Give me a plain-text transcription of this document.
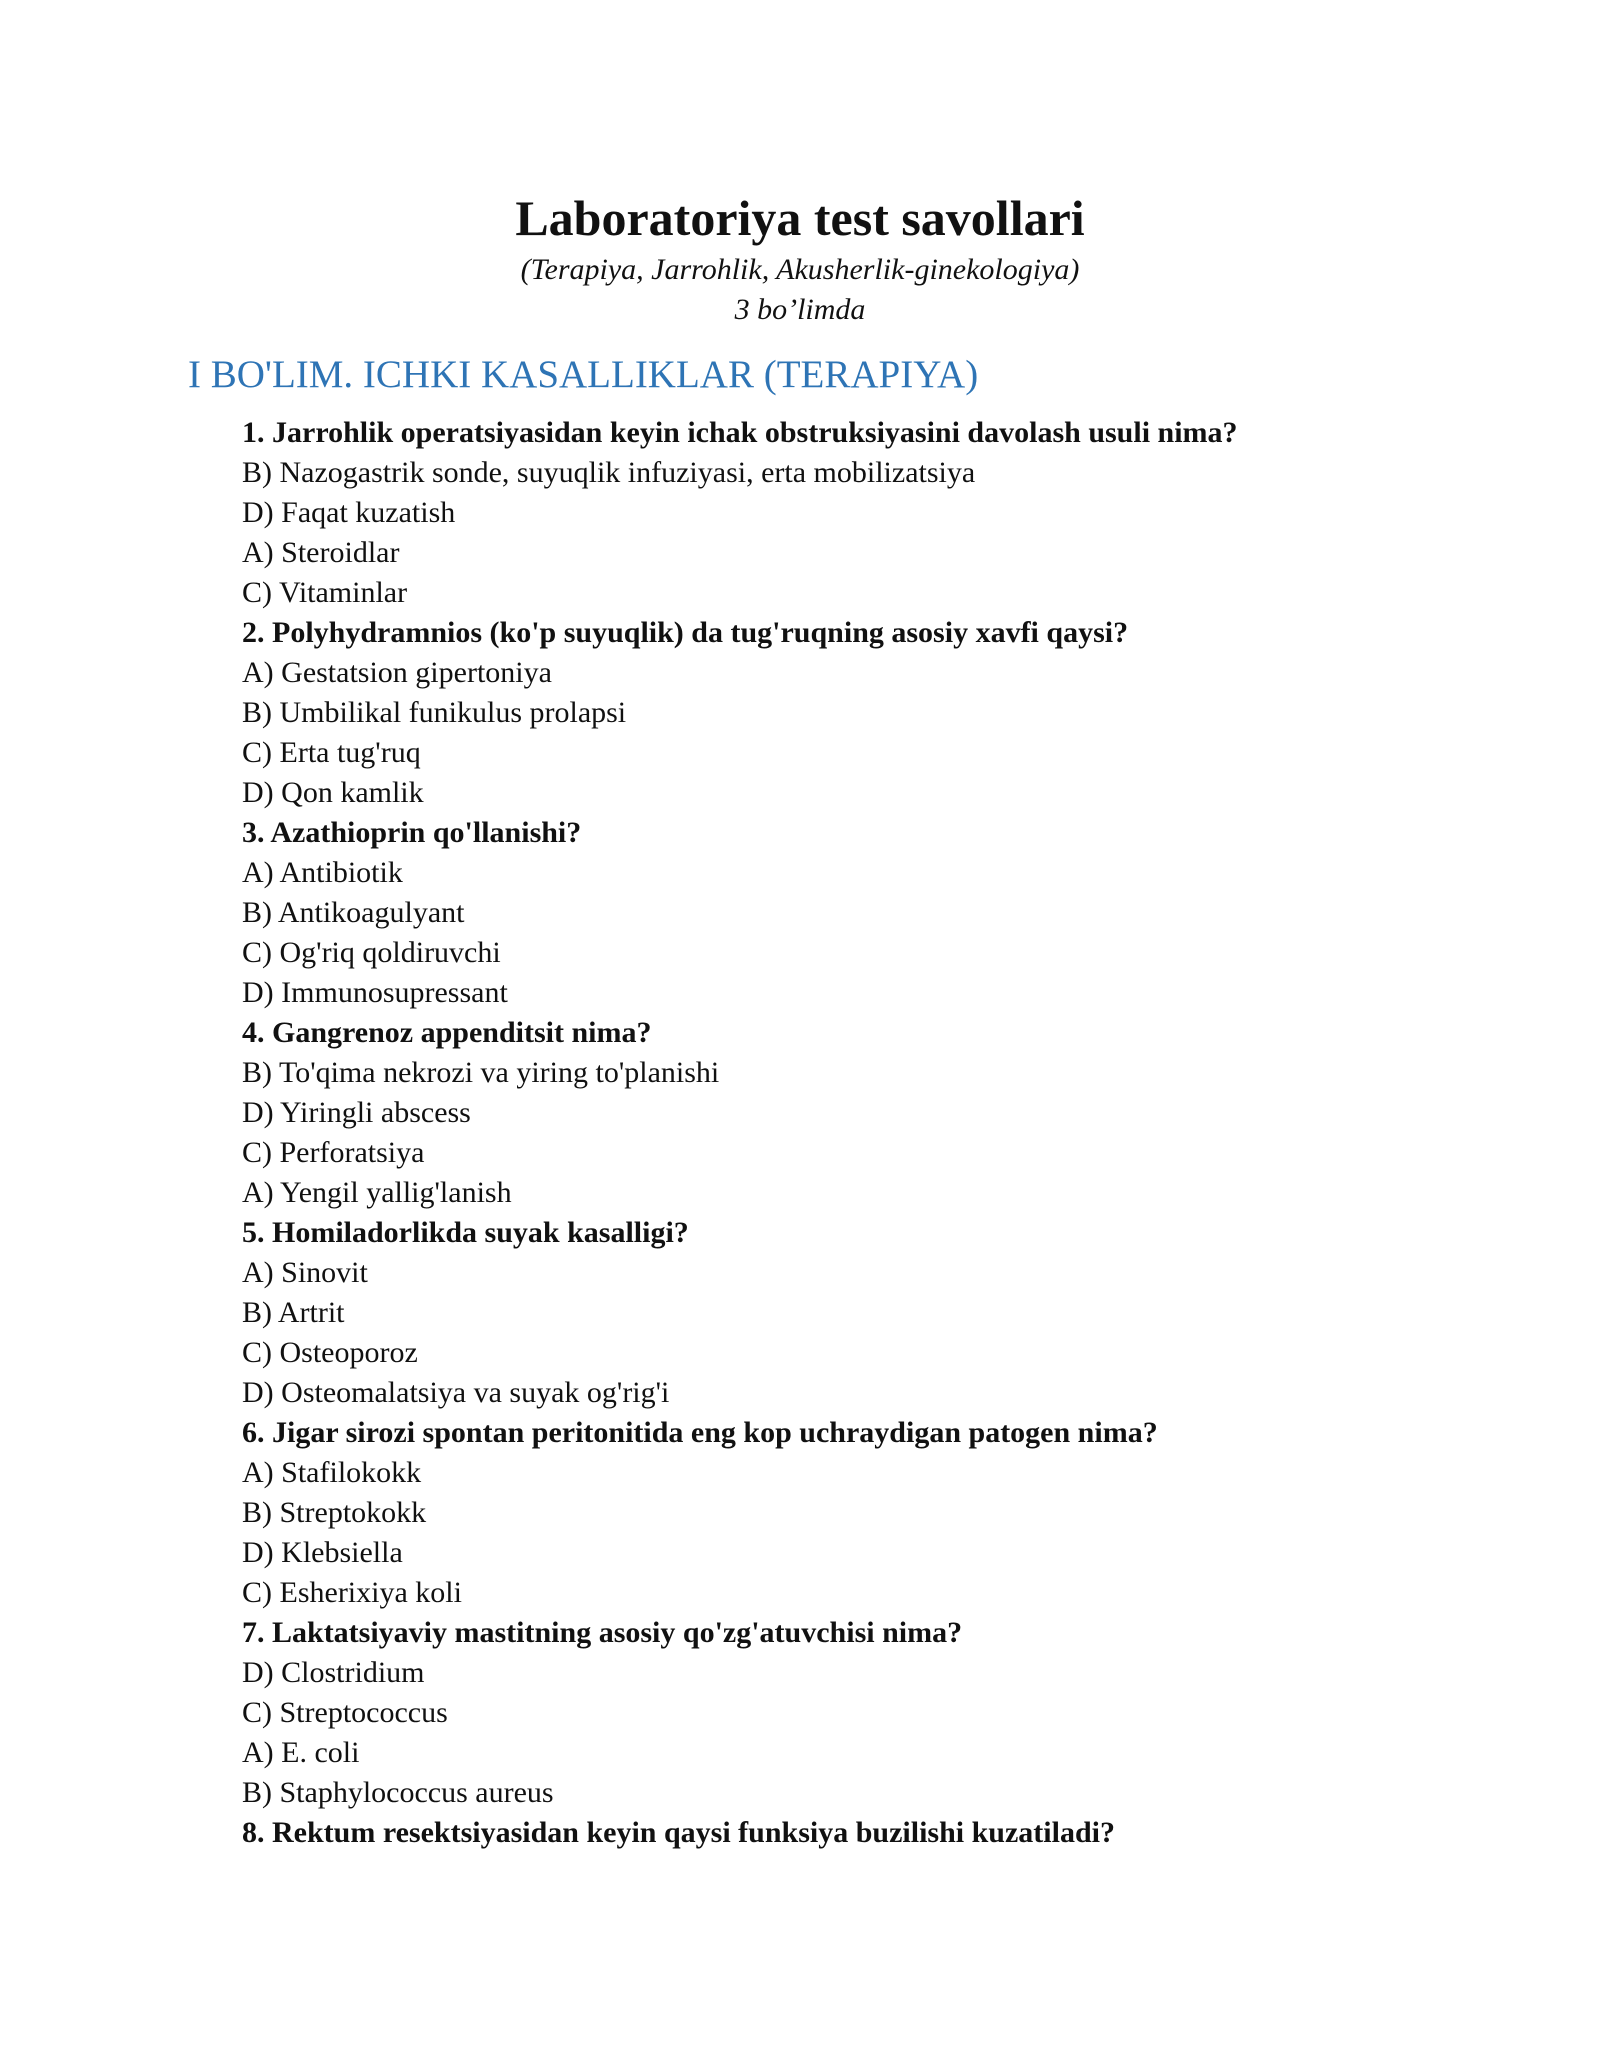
Laboratoriya test savollari
(Terapiya, Jarrohlik, Akusherlik-ginekologiya)
3 bo’limda
I BO'LIM. ICHKI KASALLIKLAR (TERAPIYA)
1. Jarrohlik operatsiyasidan keyin ichak obstruksiyasini davolash usuli nima?
B) Nazogastrik sonde, suyuqlik infuziyasi, erta mobilizatsiya
D) Faqat kuzatish
A) Steroidlar
C) Vitaminlar
2. Polyhydramnios (ko'p suyuqlik) da tug'ruqning asosiy xavfi qaysi?
A) Gestatsion gipertoniya
B) Umbilikal funikulus prolapsi
C) Erta tug'ruq
D) Qon kamlik
3. Azathioprin qo'llanishi?
A) Antibiotik
B) Antikoagulyant
C) Og'riq qoldiruvchi
D) Immunosupressant
4. Gangrenoz appenditsit nima?
B) To'qima nekrozi va yiring to'planishi
D) Yiringli abscess
C) Perforatsiya
A) Yengil yallig'lanish
5. Homiladorlikda suyak kasalligi?
A) Sinovit
B) Artrit
C) Osteoporoz
D) Osteomalatsiya va suyak og'rig'i
6. Jigar sirozi spontan peritonitida eng kop uchraydigan patogen nima?
A) Stafilokokk
B) Streptokokk
D) Klebsiella
C) Esherixiya koli
7. Laktatsiyaviy mastitning asosiy qo'zg'atuvchisi nima?
D) Clostridium
C) Streptococcus
A) E. coli
B) Staphylococcus aureus
8. Rektum resektsiyasidan keyin qaysi funksiya buzilishi kuzatiladi?
